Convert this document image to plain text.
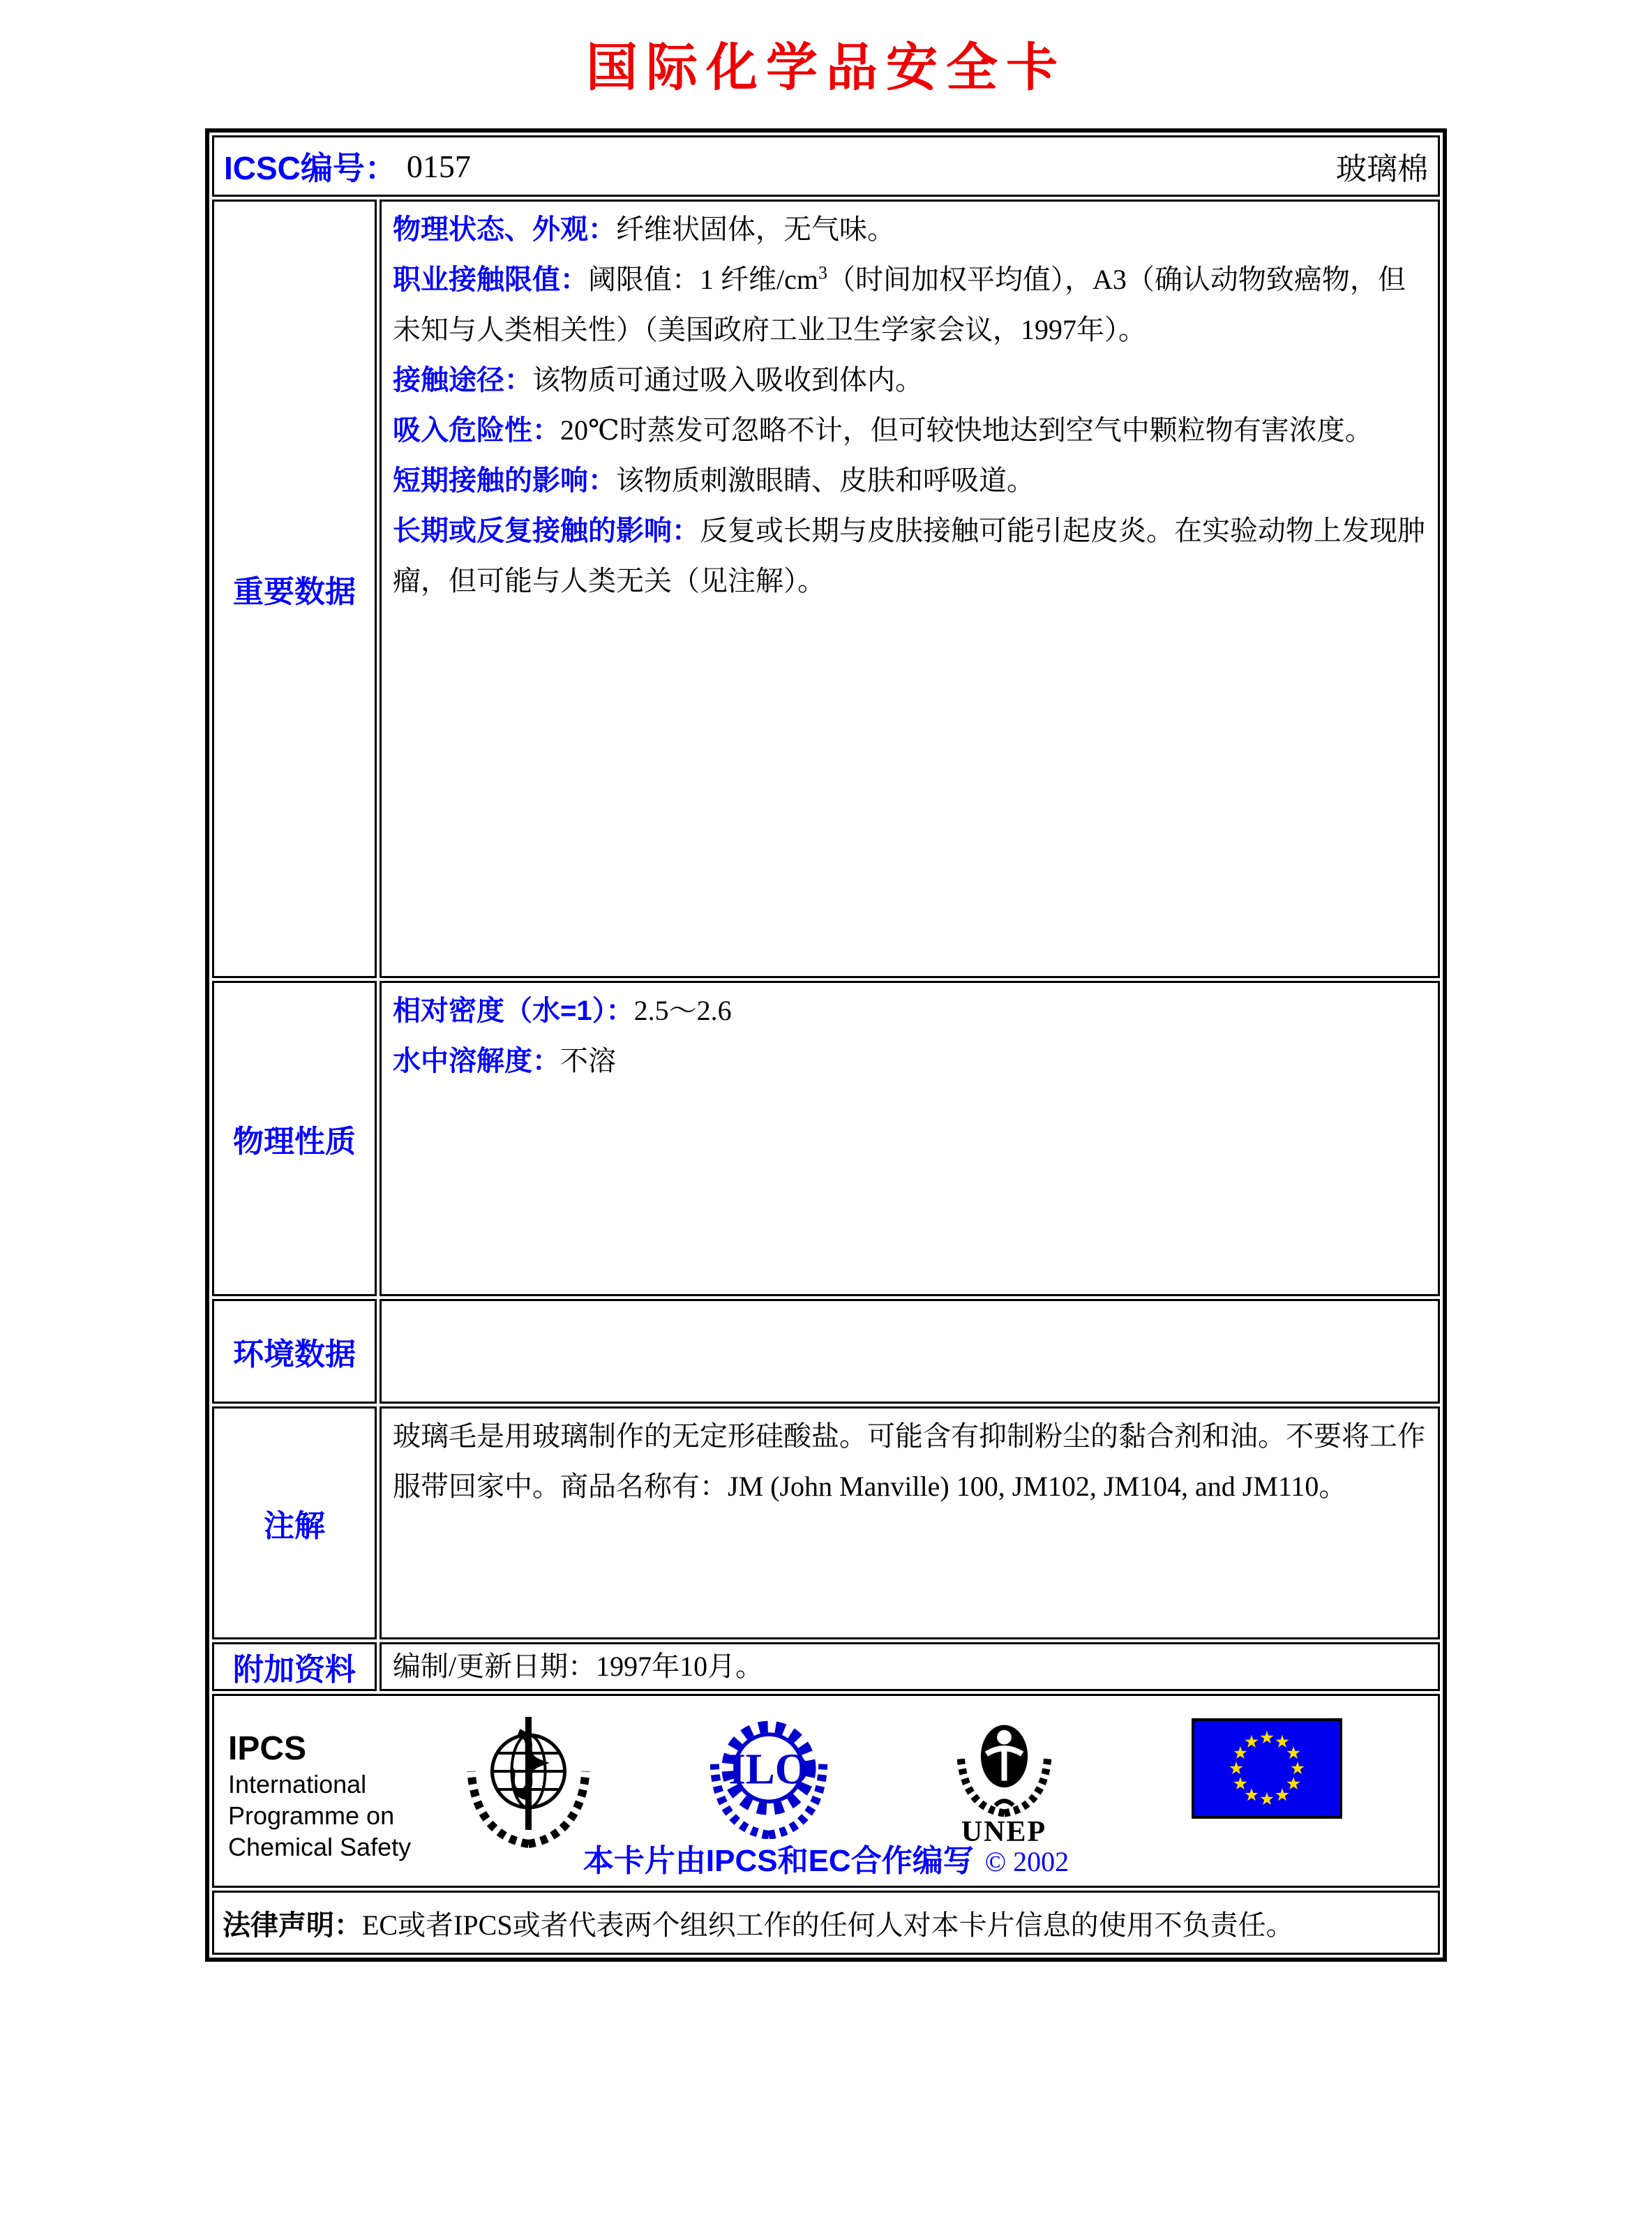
国际化学品安全卡
ICSC编号： 0157	玻璃棉
重要数据
物理状态、外观：纤维状固体，无气味。
职业接触限值：阈限值：1 纤维$/cm^3$（时间加权平均值），A3（确认动物致癌物，但未知与人类相关性）（美国政府工业卫生学家会议，1997年）。
接触途径：该物质可通过吸入吸收到体内。
吸入危险性：20℃时蒸发可忽略不计，但可较快地达到空气中颗粒物有害浓度。
短期接触的影响：该物质刺激眼睛、皮肤和呼吸道。
长期或反复接触的影响：反复或长期与皮肤接触可能引起皮炎。在实验动物上发现肿瘤，但可能与人类无关（见注解）。
物理性质
相对密度（水=1）：2.5～2.6
水中溶解度：不溶
环境数据
注解
玻璃毛是用玻璃制作的无定形硅酸盐。可能含有抑制粉尘的黏合剂和油。不要将工作服带回家中。商品名称有：JM (John Manville) 100, JM102, JM104, and JM110。
附加资料	编制/更新日期：1997年10月。
IPCS
International
Programme on
Chemical Safety
ILO
UNEP
本卡片由IPCS和EC合作编写 © 2002
法律声明： EC或者IPCS或者代表两个组织工作的任何人对本卡片信息的使用不负责任。
